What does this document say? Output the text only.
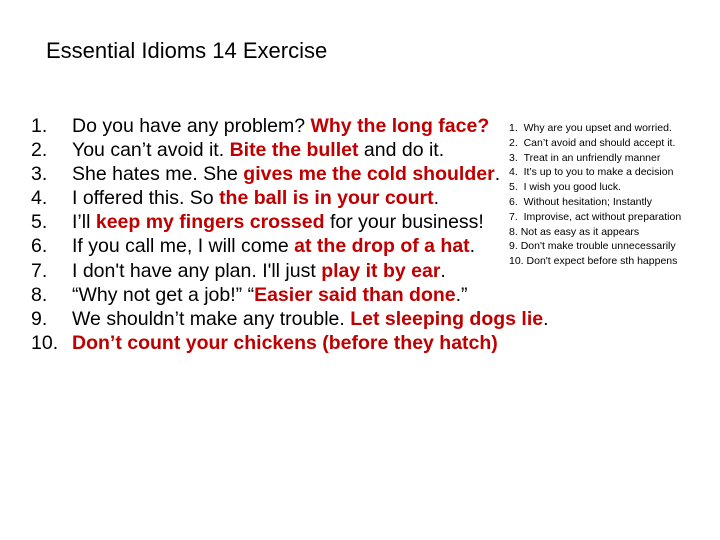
Essential Idioms 14 Exercise
1.	Do you have any problem? Why the long face?
2.	You can’t avoid it. Bite the bullet and do it.
3.	She hates me. She gives me the cold shoulder.
4.	I offered this. So the ball is in your court.
5.	I’ll keep my fingers crossed for your business!
6.	If you call me, I will come at the drop of a hat.
7.	I don't have any plan. I'll just play it by ear.
8.	“Why not get a job!” “Easier said than done.”
9.	We shouldn’t make any trouble. Let sleeping dogs lie.
10. Don’t count your chickens (before they hatch)
1. Why are you upset and worried.
2. Can’t avoid and should accept it.
3. Treat in an unfriendly manner
4. It’s up to you to make a decision
5. I wish you good luck.
6. Without hesitation; Instantly
7. Improvise, act without preparation
8. Not as easy as it appears
9. Don't make trouble unnecessarily
10. Don't expect before sth happens
